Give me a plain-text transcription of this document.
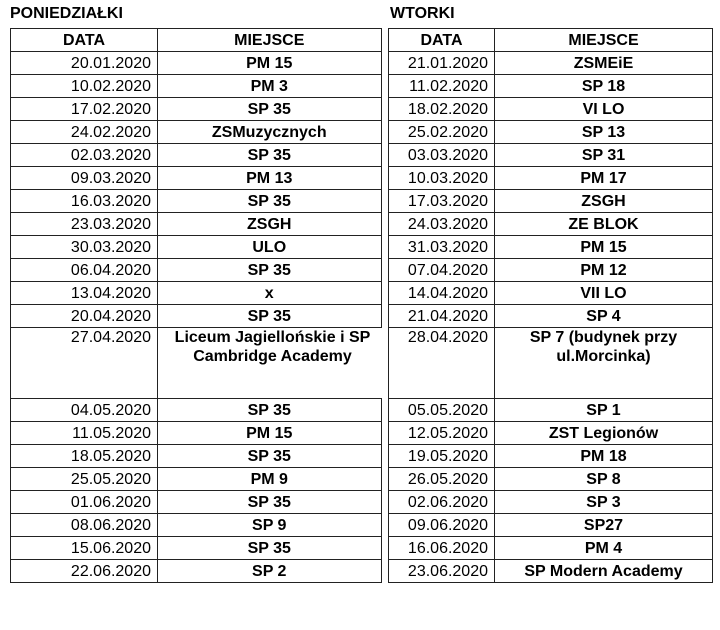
PONIEDZIAŁKI	WTORKI
DATA	MIEJSCE
20.01.2020	PM 15
10.02.2020	PM 3
17.02.2020	SP 35
24.02.2020	ZSMuzycznych
02.03.2020	SP 35
09.03.2020	PM 13
16.03.2020	SP 35
23.03.2020	ZSGH
30.03.2020	ULO
06.04.2020	SP 35
13.04.2020	x
20.04.2020	SP 35
27.04.2020	Liceum Jagiellońskie i SP Cambridge Academy

04.05.2020	SP 35
11.05.2020	PM 15
18.05.2020	SP 35
25.05.2020	PM 9
01.06.2020	SP 35
08.06.2020	SP 9
15.06.2020	SP 35
22.06.2020	SP 2
DATA	MIEJSCE
21.01.2020	ZSMEiE
11.02.2020	SP 18
18.02.2020	VI LO
25.02.2020	SP 13
03.03.2020	SP 31
10.03.2020	PM 17
17.03.2020	ZSGH
24.03.2020	ZE BLOK
31.03.2020	PM 15
07.04.2020	PM 12
14.04.2020	VII LO
21.04.2020	SP 4
28.04.2020	SP 7 (budynek przy ul.Morcinka)

05.05.2020	SP 1
12.05.2020	ZST Legionów
19.05.2020	PM 18
26.05.2020	SP 8
02.06.2020	SP 3
09.06.2020	SP27
16.06.2020	PM 4
23.06.2020	SP Modern Academy
